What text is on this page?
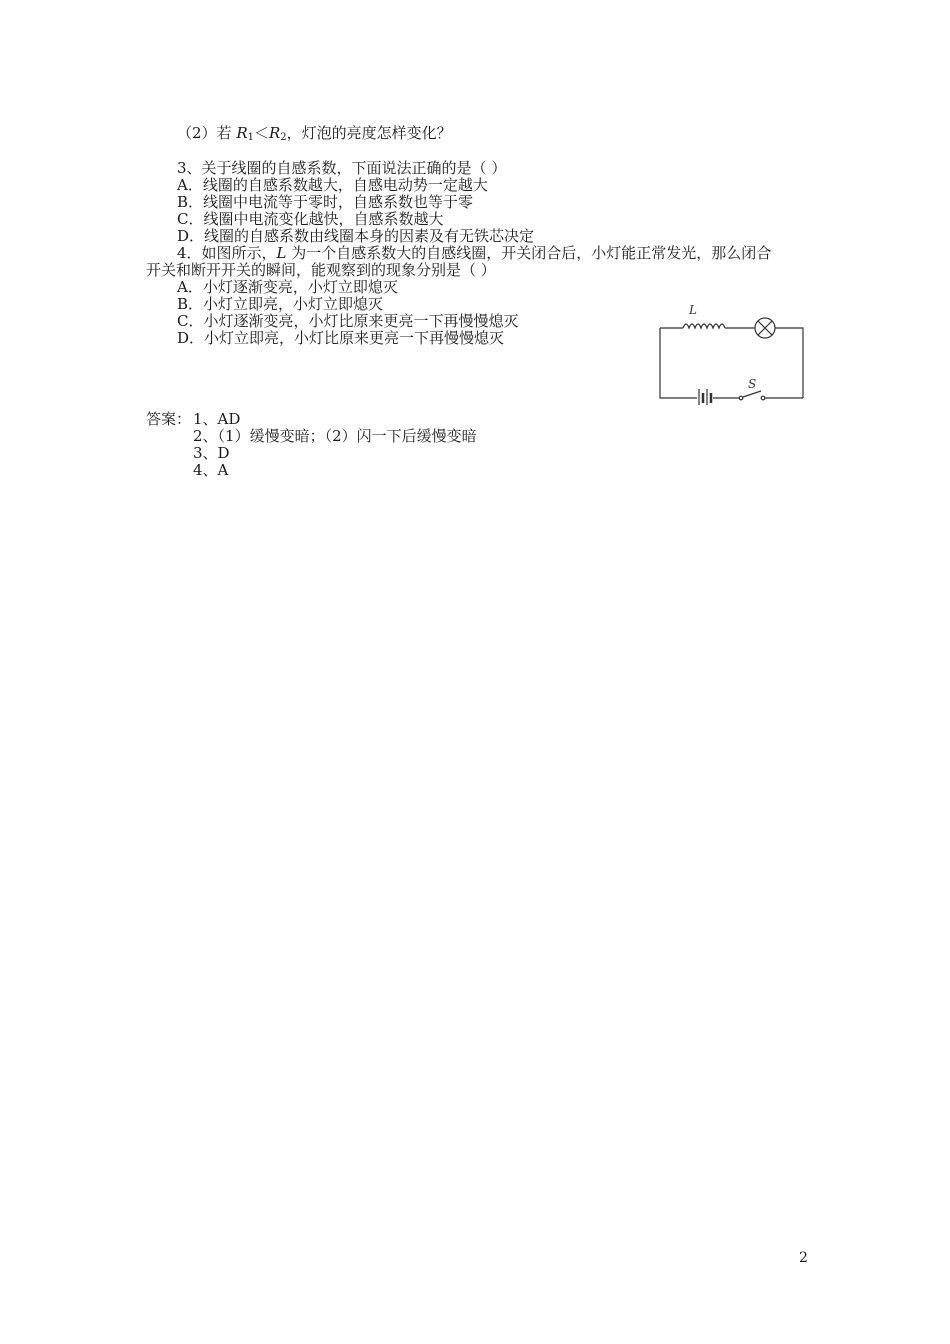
（2）若 $R_1<R_2$，灯泡的亮度怎样变化？
3、关于线圈的自感系数，下面说法正确的是（ ）
A．线圈的自感系数越大，自感电动势一定越大
B．线圈中电流等于零时，自感系数也等于零
C．线圈中电流变化越快，自感系数越大
D．线圈的自感系数由线圈本身的因素及有无铁芯决定
4．如图所示，L 为一个自感系数大的自感线圈，开关闭合后，小灯能正常发光，那么闭合
开关和断开开关的瞬间，能观察到的现象分别是（ ）
A．小灯逐渐变亮，小灯立即熄灭
B．小灯立即亮，小灯立即熄灭
C．小灯逐渐变亮，小灯比原来更亮一下再慢慢熄灭
D．小灯立即亮，小灯比原来更亮一下再慢慢熄灭
L
S
答案： 1、AD
2、（1）缓慢变暗；（2）闪一下后缓慢变暗
3、D
4、A
2
